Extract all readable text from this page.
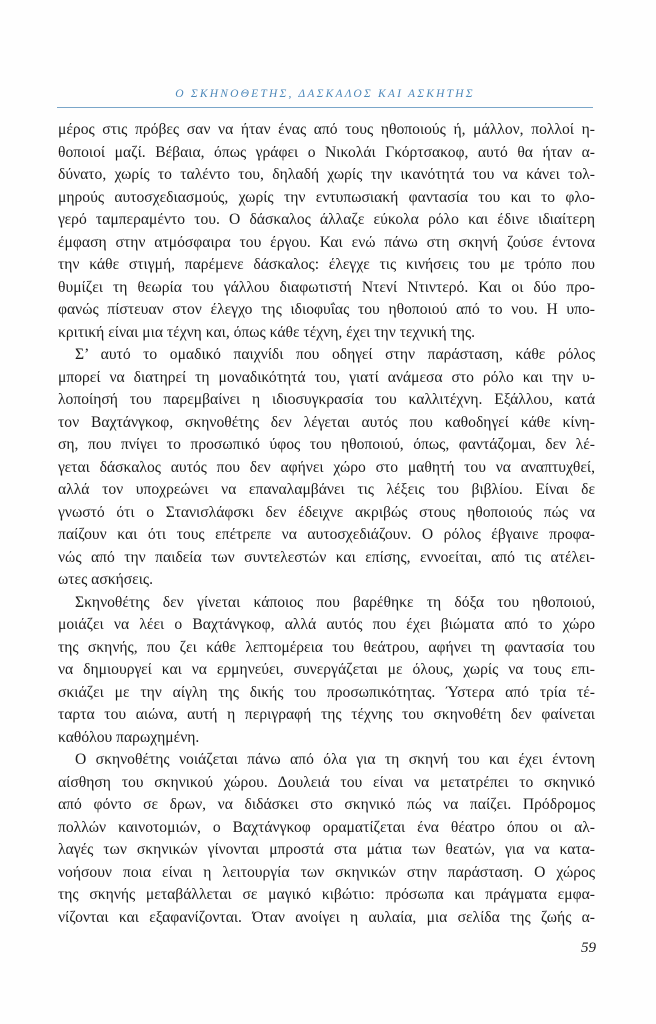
Ο ΣΚΗΝΟΘΕΤΗΣ, ΔΑΣΚΑΛΟΣ ΚΑΙ ΑΣΚΗΤΗΣ
μέρος στις πρόβες σαν να ήταν ένας από τους ηθοποιούς ή, μάλλον, πολλοί η-
θοποιοί μαζί. Βέβαια, όπως γράφει ο Νικολάι Γκόρτσακοφ, αυτό θα ήταν α-
δύνατο, χωρίς το ταλέντο του, δηλαδή χωρίς την ικανότητά του να κάνει τολ-
μηρούς αυτοσχεδιασμούς, χωρίς την εντυπωσιακή φαντασία του και το φλο-
γερό ταμπεραμέντο του. Ο δάσκαλος άλλαζε εύκολα ρόλο και έδινε ιδιαίτερη
έμφαση στην ατμόσφαιρα του έργου. Και ενώ πάνω στη σκηνή ζούσε έντονα
την κάθε στιγμή, παρέμενε δάσκαλος: έλεγχε τις κινήσεις του με τρόπο που
θυμίζει τη θεωρία του γάλλου διαφωτιστή Ντενί Ντιντερό. Και οι δύο προ-
φανώς πίστευαν στον έλεγχο της ιδιοφυΐας του ηθοποιού από το νου. Η υπο-
κριτική είναι μια τέχνη και, όπως κάθε τέχνη, έχει την τεχνική της.
Σ’ αυτό το ομαδικό παιχνίδι που οδηγεί στην παράσταση, κάθε ρόλος
μπορεί να διατηρεί τη μοναδικότητά του, γιατί ανάμεσα στο ρόλο και την υ-
λοποίησή του παρεμβαίνει η ιδιοσυγκρασία του καλλιτέχνη. Εξάλλου, κατά
τον Βαχτάνγκοφ, σκηνοθέτης δεν λέγεται αυτός που καθοδηγεί κάθε κίνη-
ση, που πνίγει το προσωπικό ύφος του ηθοποιού, όπως, φαντάζομαι, δεν λέ-
γεται δάσκαλος αυτός που δεν αφήνει χώρο στο μαθητή του να αναπτυχθεί,
αλλά τον υποχρεώνει να επαναλαμβάνει τις λέξεις του βιβλίου. Είναι δε
γνωστό ότι ο Στανισλάφσκι δεν έδειχνε ακριβώς στους ηθοποιούς πώς να
παίζουν και ότι τους επέτρεπε να αυτοσχεδιάζουν. Ο ρόλος έβγαινε προφα-
νώς από την παιδεία των συντελεστών και επίσης, εννοείται, από τις ατέλει-
ωτες ασκήσεις.
Σκηνοθέτης δεν γίνεται κάποιος που βαρέθηκε τη δόξα του ηθοποιού,
μοιάζει να λέει ο Βαχτάνγκοφ, αλλά αυτός που έχει βιώματα από το χώρο
της σκηνής, που ζει κάθε λεπτομέρεια του θεάτρου, αφήνει τη φαντασία του
να δημιουργεί και να ερμηνεύει, συνεργάζεται με όλους, χωρίς να τους επι-
σκιάζει με την αίγλη της δικής του προσωπικότητας. Ύστερα από τρία τέ-
ταρτα του αιώνα, αυτή η περιγραφή της τέχνης του σκηνοθέτη δεν φαίνεται
καθόλου παρωχημένη.
Ο σκηνοθέτης νοιάζεται πάνω από όλα για τη σκηνή του και έχει έντονη
αίσθηση του σκηνικού χώρου. Δουλειά του είναι να μετατρέπει το σκηνικό
από φόντο σε δρων, να διδάσκει στο σκηνικό πώς να παίζει. Πρόδρομος
πολλών καινοτομιών, ο Βαχτάνγκοφ οραματίζεται ένα θέατρο όπου οι αλ-
λαγές των σκηνικών γίνονται μπροστά στα μάτια των θεατών, για να κατα-
νοήσουν ποια είναι η λειτουργία των σκηνικών στην παράσταση. Ο χώρος
της σκηνής μεταβάλλεται σε μαγικό κιβώτιο: πρόσωπα και πράγματα εμφα-
νίζονται και εξαφανίζονται. Όταν ανοίγει η αυλαία, μια σελίδα της ζωής α-
59
